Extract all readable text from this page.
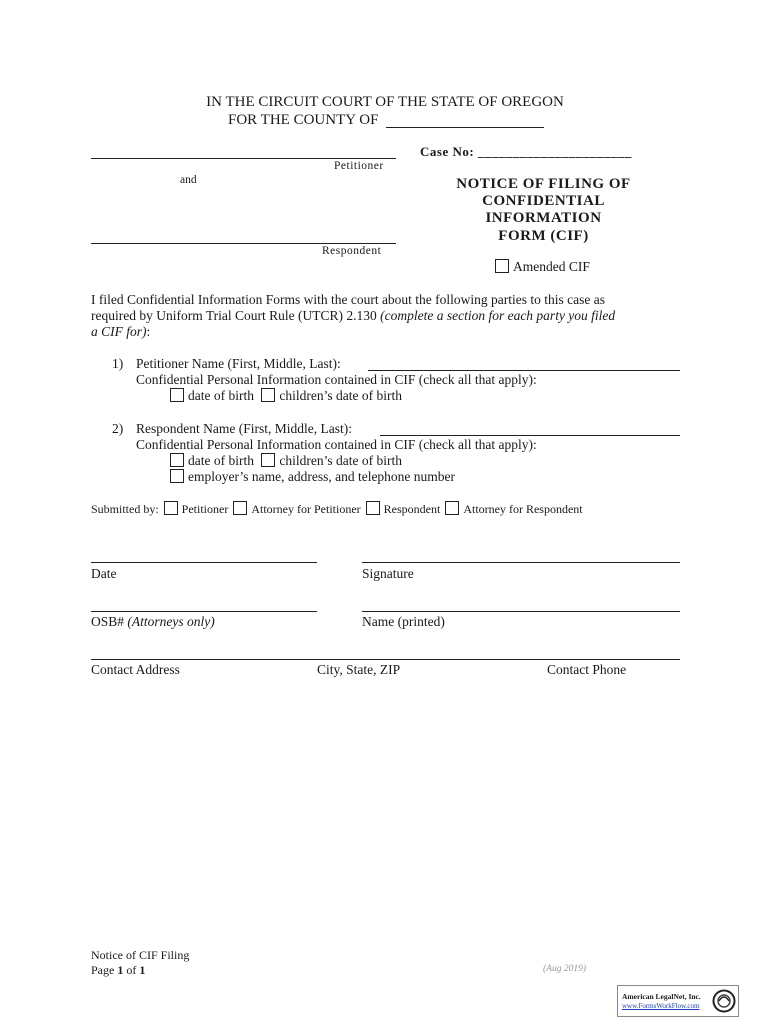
IN THE CIRCUIT COURT OF THE STATE OF OREGON
FOR THE COUNTY OF
Petitioner
and
Respondent
Case No: ______________________
NOTICE OF FILING OF
CONFIDENTIAL
INFORMATION
FORM (CIF)
Amended CIF
I filed Confidential Information Forms with the court about the following parties to this case as
required by Uniform Trial Court Rule (UTCR) 2.130 (complete a section for each party you filed
a CIF for):
1) Petitioner Name (First, Middle, Last):
Confidential Personal Information contained in CIF (check all that apply):
date of birth children’s date of birth
2) Respondent Name (First, Middle, Last):
Confidential Personal Information contained in CIF (check all that apply):
date of birth children’s date of birth
employer’s name, address, and telephone number
Submitted by: Petitioner Attorney for Petitioner Respondent Attorney for Respondent
Date	Signature
OSB# (Attorneys only)	Name (printed)
Contact Address	City, State, ZIP	Contact Phone
Notice of CIF Filing
Page 1 of 1	(Aug 2019)
American LegalNet, Inc.
www.FormsWorkFlow.com
